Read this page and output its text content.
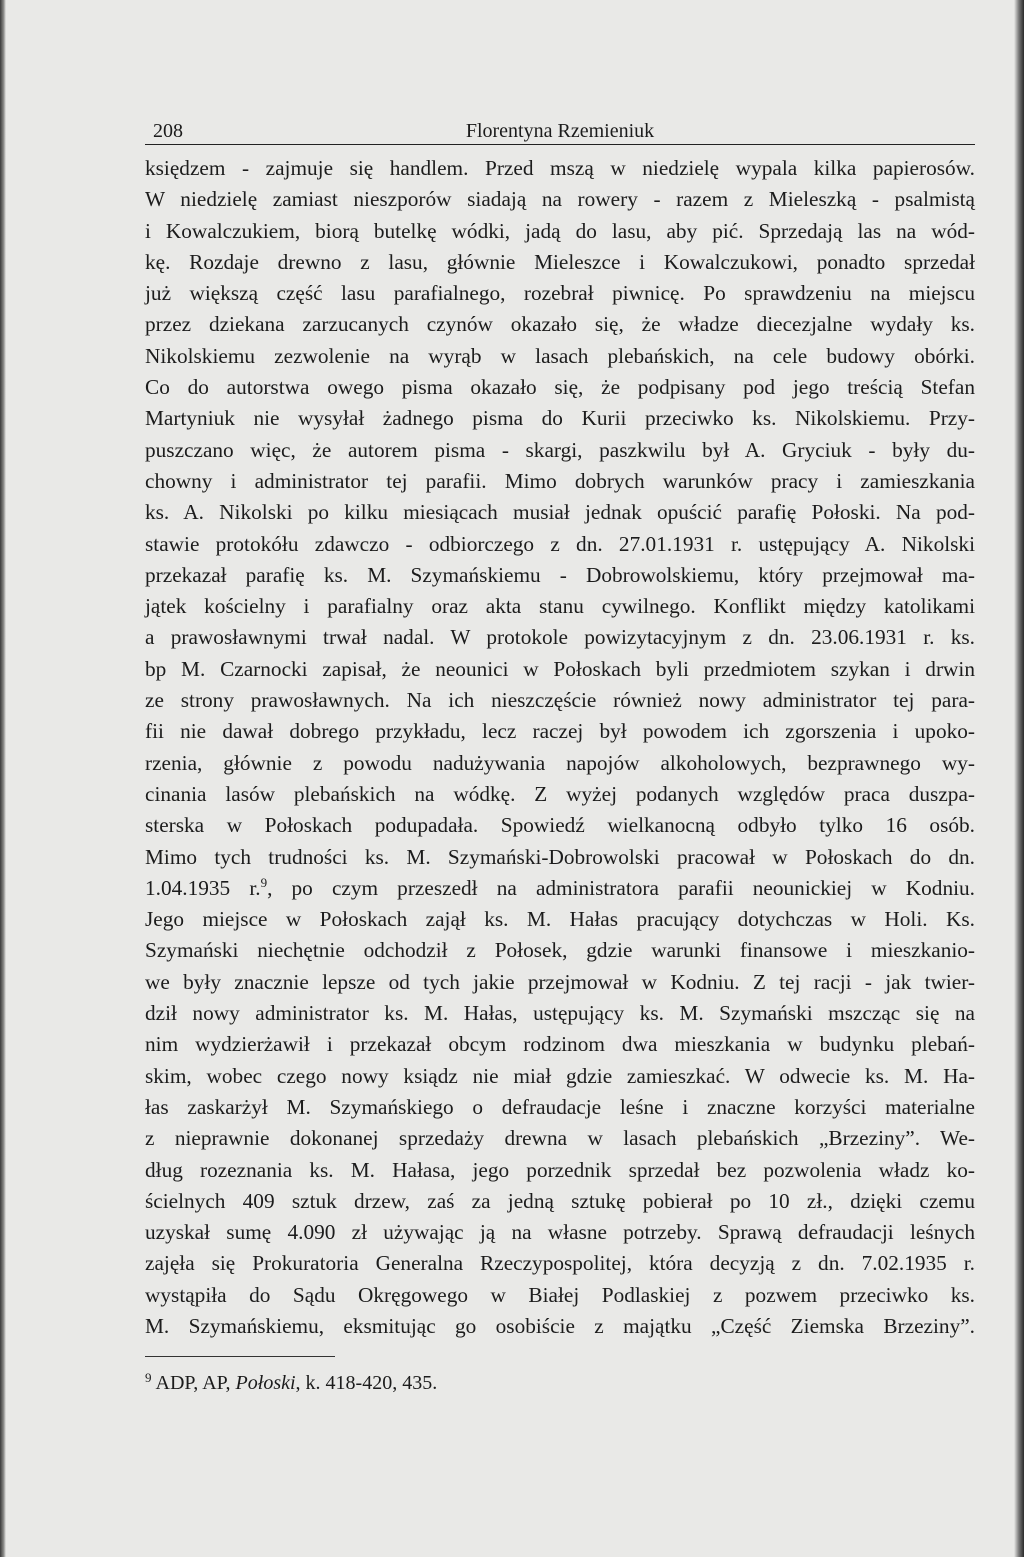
208	Florentyna Rzemieniuk
księdzem - zajmuje się handlem. Przed mszą w niedzielę wypala kilka papierosów.
W niedzielę zamiast nieszporów siadają na rowery - razem z Mieleszką - psalmistą
i Kowalczukiem, biorą butelkę wódki, jadą do lasu, aby pić. Sprzedają las na wód-
kę. Rozdaje drewno z lasu, głównie Mieleszce i Kowalczukowi, ponadto sprzedał
już większą część lasu parafialnego, rozebrał piwnicę. Po sprawdzeniu na miejscu
przez dziekana zarzucanych czynów okazało się, że władze diecezjalne wydały ks.
Nikolskiemu zezwolenie na wyrąb w lasach plebańskich, na cele budowy obórki.
Co do autorstwa owego pisma okazało się, że podpisany pod jego treścią Stefan
Martyniuk nie wysyłał żadnego pisma do Kurii przeciwko ks. Nikolskiemu. Przy-
puszczano więc, że autorem pisma - skargi, paszkwilu był A. Gryciuk - były du-
chowny i administrator tej parafii. Mimo dobrych warunków pracy i zamieszkania
ks. A. Nikolski po kilku miesiącach musiał jednak opuścić parafię Połoski. Na pod-
stawie protokółu zdawczo - odbiorczego z dn. 27.01.1931 r. ustępujący A. Nikolski
przekazał parafię ks. M. Szymańskiemu - Dobrowolskiemu, który przejmował ma-
jątek kościelny i parafialny oraz akta stanu cywilnego. Konflikt między katolikami
a prawosławnymi trwał nadal. W protokole powizytacyjnym z dn. 23.06.1931 r. ks.
bp M. Czarnocki zapisał, że neounici w Połoskach byli przedmiotem szykan i drwin
ze strony prawosławnych. Na ich nieszczęście również nowy administrator tej para-
fii nie dawał dobrego przykładu, lecz raczej był powodem ich zgorszenia i upoko-
rzenia, głównie z powodu nadużywania napojów alkoholowych, bezprawnego wy-
cinania lasów plebańskich na wódkę. Z wyżej podanych względów praca duszpa-
sterska w Połoskach podupadała. Spowiedź wielkanocną odbyło tylko 16 osób.
Mimo tych trudności ks. M. Szymański-Dobrowolski pracował w Połoskach do dn.
1.04.1935 r.$^9$, po czym przeszedł na administratora parafii neounickiej w Kodniu.
Jego miejsce w Połoskach zajął ks. M. Hałas pracujący dotychczas w Holi. Ks.
Szymański niechętnie odchodził z Połosek, gdzie warunki finansowe i mieszkanio-
we były znacznie lepsze od tych jakie przejmował w Kodniu. Z tej racji - jak twier-
dził nowy administrator ks. M. Hałas, ustępujący ks. M. Szymański mszcząc się na
nim wydzierżawił i przekazał obcym rodzinom dwa mieszkania w budynku plebań-
skim, wobec czego nowy ksiądz nie miał gdzie zamieszkać. W odwecie ks. M. Ha-
łas zaskarżył M. Szymańskiego o defraudacje leśne i znaczne korzyści materialne
z nieprawnie dokonanej sprzedaży drewna w lasach plebańskich „Brzeziny”. We-
dług rozeznania ks. M. Hałasa, jego porzednik sprzedał bez pozwolenia władz ko-
ścielnych 409 sztuk drzew, zaś za jedną sztukę pobierał po 10 zł., dzięki czemu
uzyskał sumę 4.090 zł używając ją na własne potrzeby. Sprawą defraudacji leśnych
zajęła się Prokuratoria Generalna Rzeczypospolitej, która decyzją z dn. 7.02.1935 r.
wystąpiła do Sądu Okręgowego w Białej Podlaskiej z pozwem przeciwko ks.
M. Szymańskiemu, eksmitując go osobiście z majątku „Część Ziemska Brzeziny”.
$^9$ ADP, AP, Połoski, k. 418-420, 435.
